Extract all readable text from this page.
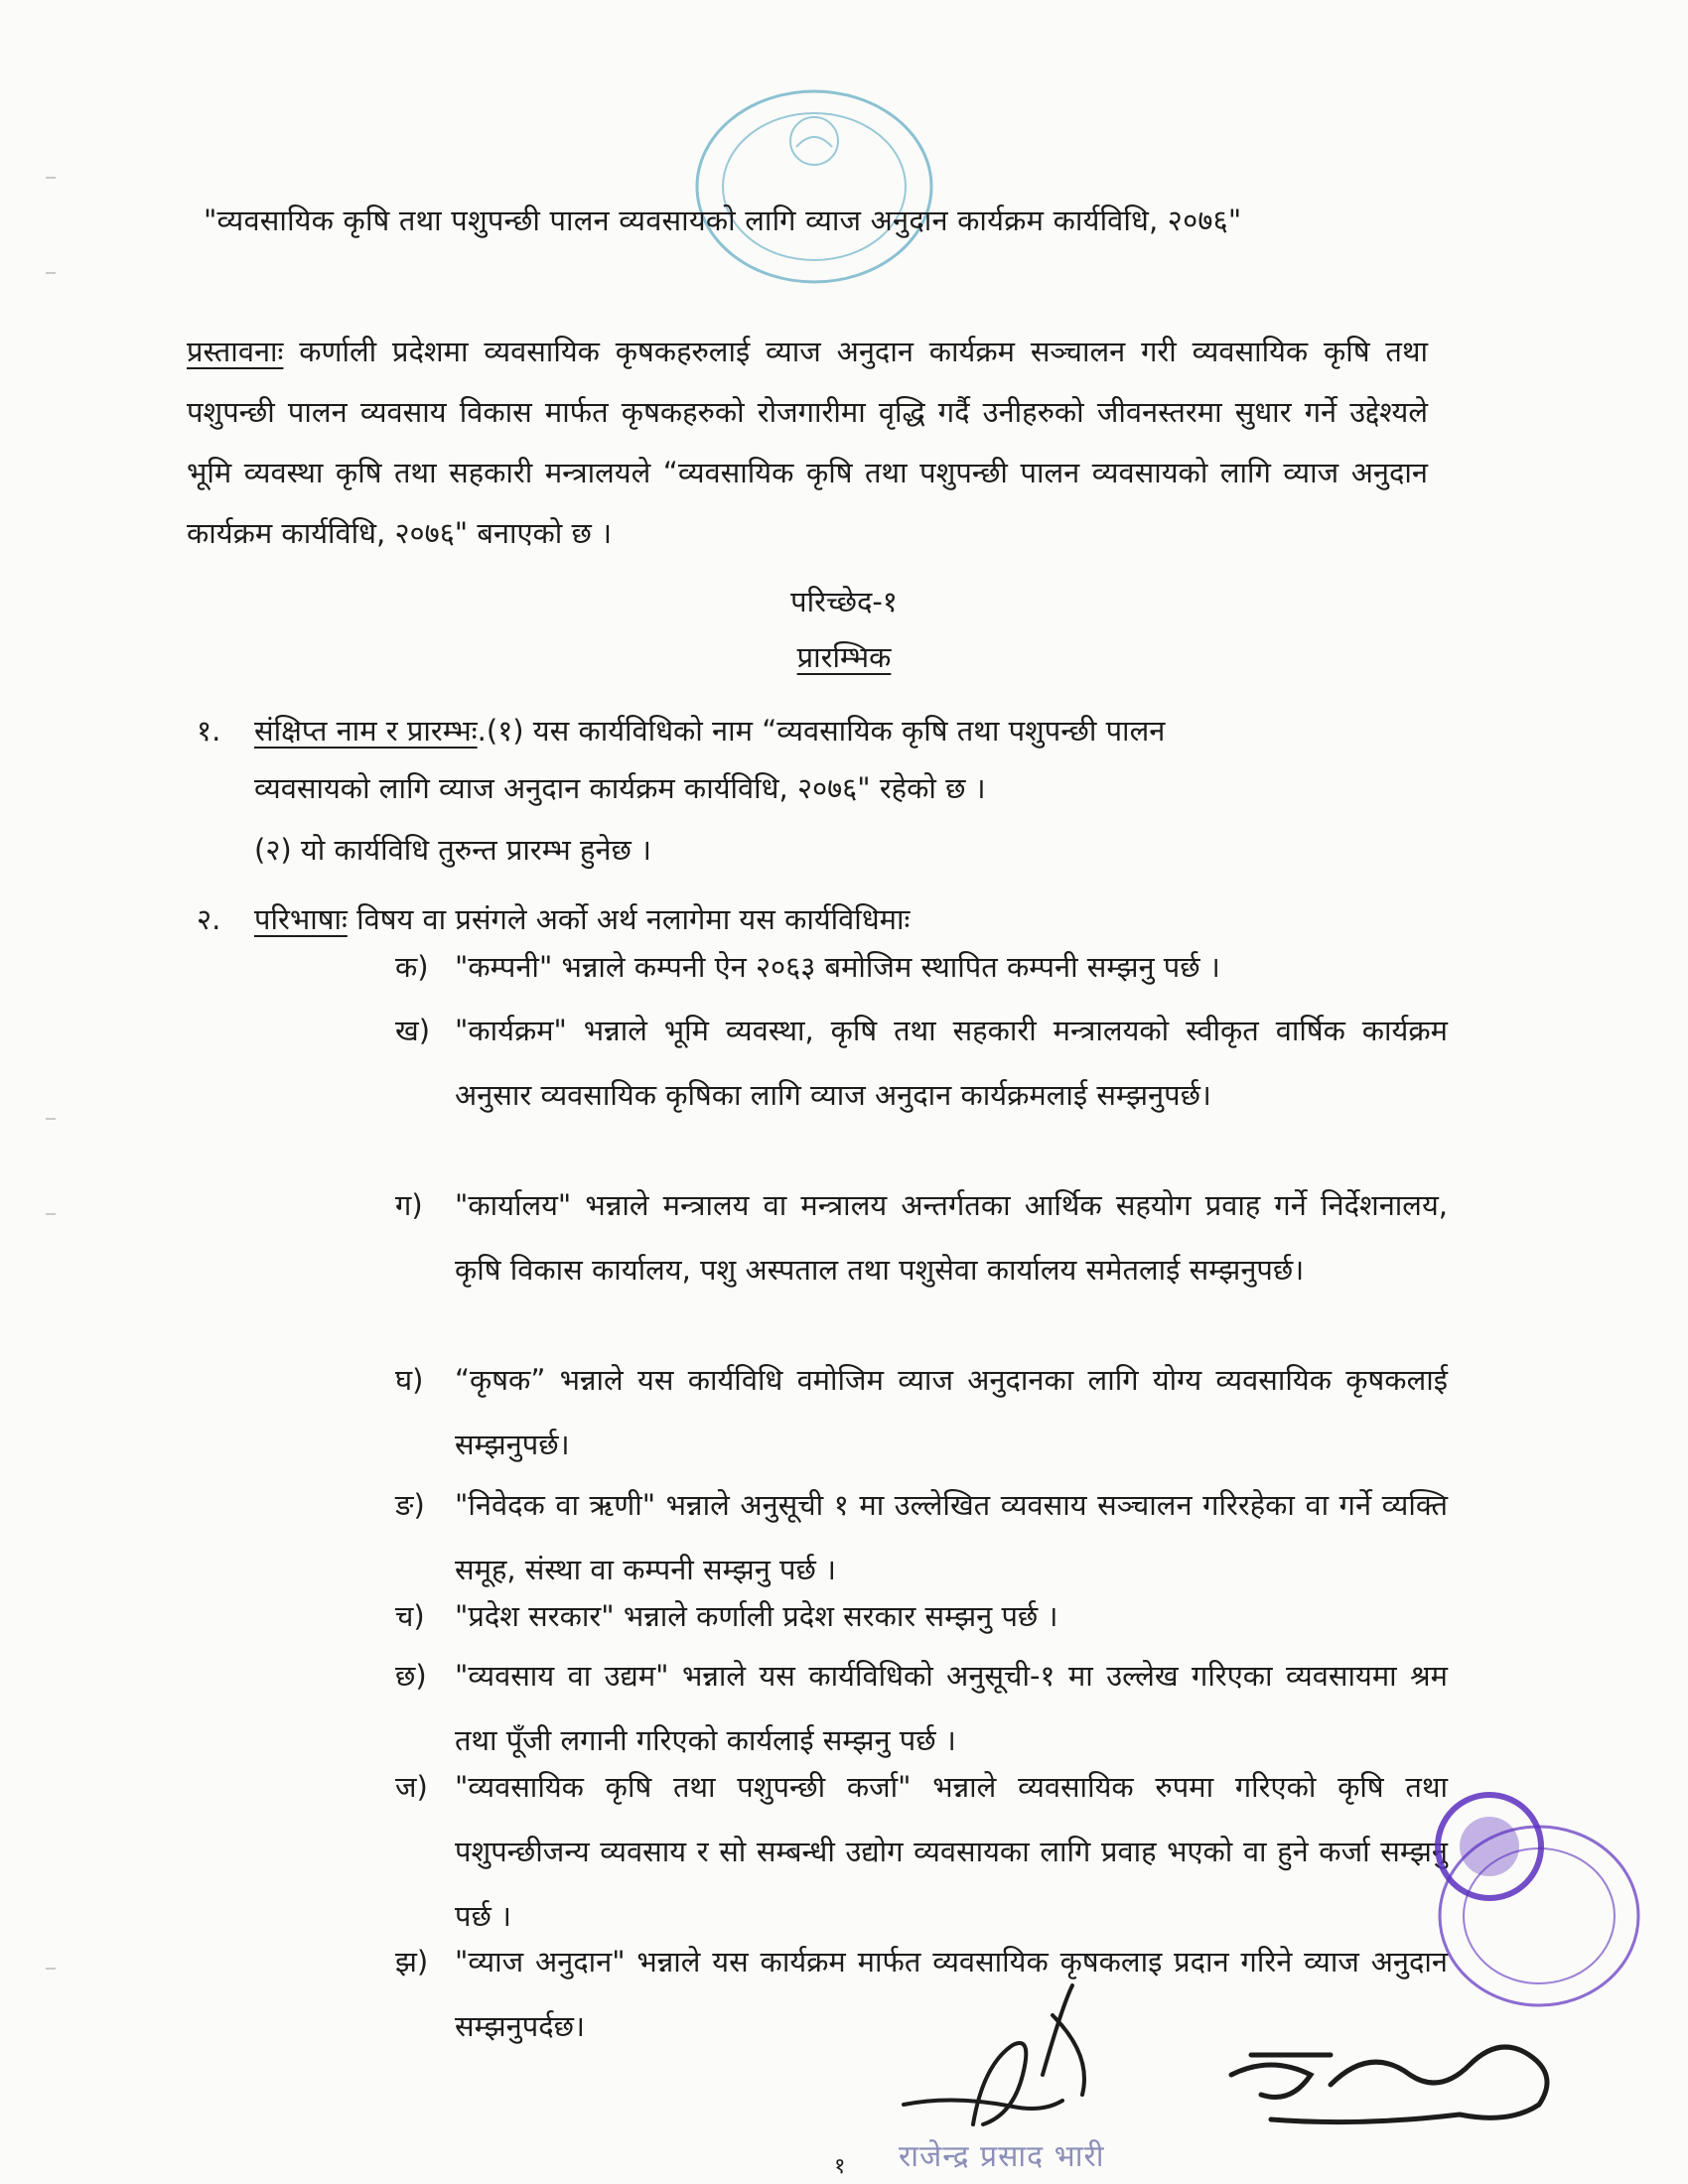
"व्यवसायिक कृषि तथा पशुपन्छी पालन व्यवसायको लागि व्याज अनुदान कार्यक्रम कार्यविधि, २०७६"

प्रस्तावनाः कर्णाली प्रदेशमा व्यवसायिक कृषकहरुलाई व्याज अनुदान कार्यक्रम सञ्चालन गरी व्यवसायिक कृषि तथा पशुपन्छी पालन व्यवसाय विकास मार्फत कृषकहरुको रोजगारीमा वृद्धि गर्दै उनीहरुको जीवनस्तरमा सुधार गर्ने उद्देश्यले भूमि व्यवस्था कृषि तथा सहकारी मन्त्रालयले “व्यवसायिक कृषि तथा पशुपन्छी पालन व्यवसायको लागि व्याज अनुदान कार्यक्रम कार्यविधि, २०७६" बनाएको छ ।

परिच्छेद-१
प्रारम्भिक
१. संक्षिप्त नाम र प्रारम्भः.(१) यस कार्यविधिको नाम “व्यवसायिक कृषि तथा पशुपन्छी पालन
व्यवसायको लागि व्याज अनुदान कार्यक्रम कार्यविधि, २०७६" रहेको छ ।
(२) यो कार्यविधि तुरुन्त प्रारम्भ हुनेछ ।
२. परिभाषाः विषय वा प्रसंगले अर्को अर्थ नलागेमा यस कार्यविधिमाः
क) "कम्पनी" भन्नाले कम्पनी ऐन २०६३ बमोजिम स्थापित कम्पनी सम्झनु पर्छ ।
ख) "कार्यक्रम" भन्नाले भूमि व्यवस्था, कृषि तथा सहकारी मन्त्रालयको स्वीकृत वार्षिक कार्यक्रम अनुसार व्यवसायिक कृषिका लागि व्याज अनुदान कार्यक्रमलाई सम्झनुपर्छ।
ग)	"कार्यालय" भन्नाले मन्त्रालय वा मन्त्रालय अन्तर्गतका आर्थिक सहयोग प्रवाह गर्ने निर्देशनालय, कृषि विकास कार्यालय, पशु अस्पताल तथा पशुसेवा कार्यालय समेतलाई सम्झनुपर्छ।
घ)	“कृषक” भन्नाले यस कार्यविधि वमोजिम व्याज अनुदानका लागि योग्य व्यवसायिक कृषकलाई सम्झनुपर्छ।
ङ)	"निवेदक वा ऋणी" भन्नाले अनुसूची १ मा उल्लेखित व्यवसाय सञ्चालन गरिरहेका वा गर्ने व्यक्ति समूह, संस्था वा कम्पनी सम्झनु पर्छ ।
च)	"प्रदेश सरकार" भन्नाले कर्णाली प्रदेश सरकार सम्झनु पर्छ ।
छ) "व्यवसाय वा उद्यम" भन्नाले यस कार्यविधिको अनुसूची-१ मा उल्लेख गरिएका व्यवसायमा श्रम तथा पूँजी लगानी गरिएको कार्यलाई सम्झनु पर्छ ।
ज) "व्यवसायिक कृषि तथा पशुपन्छी कर्जा" भन्नाले व्यवसायिक रुपमा गरिएको कृषि तथा पशुपन्छीजन्य व्यवसाय र सो सम्बन्धी उद्योग व्यवसायका लागि प्रवाह भएको वा हुने कर्जा सम्झनु पर्छ ।
झ) "व्याज अनुदान" भन्नाले यस कार्यक्रम मार्फत व्यवसायिक कृषकलाइ प्रदान गरिने व्याज अनुदान सम्झनुपर्दछ।
राजेन्द्र प्रसाद भारी
१
